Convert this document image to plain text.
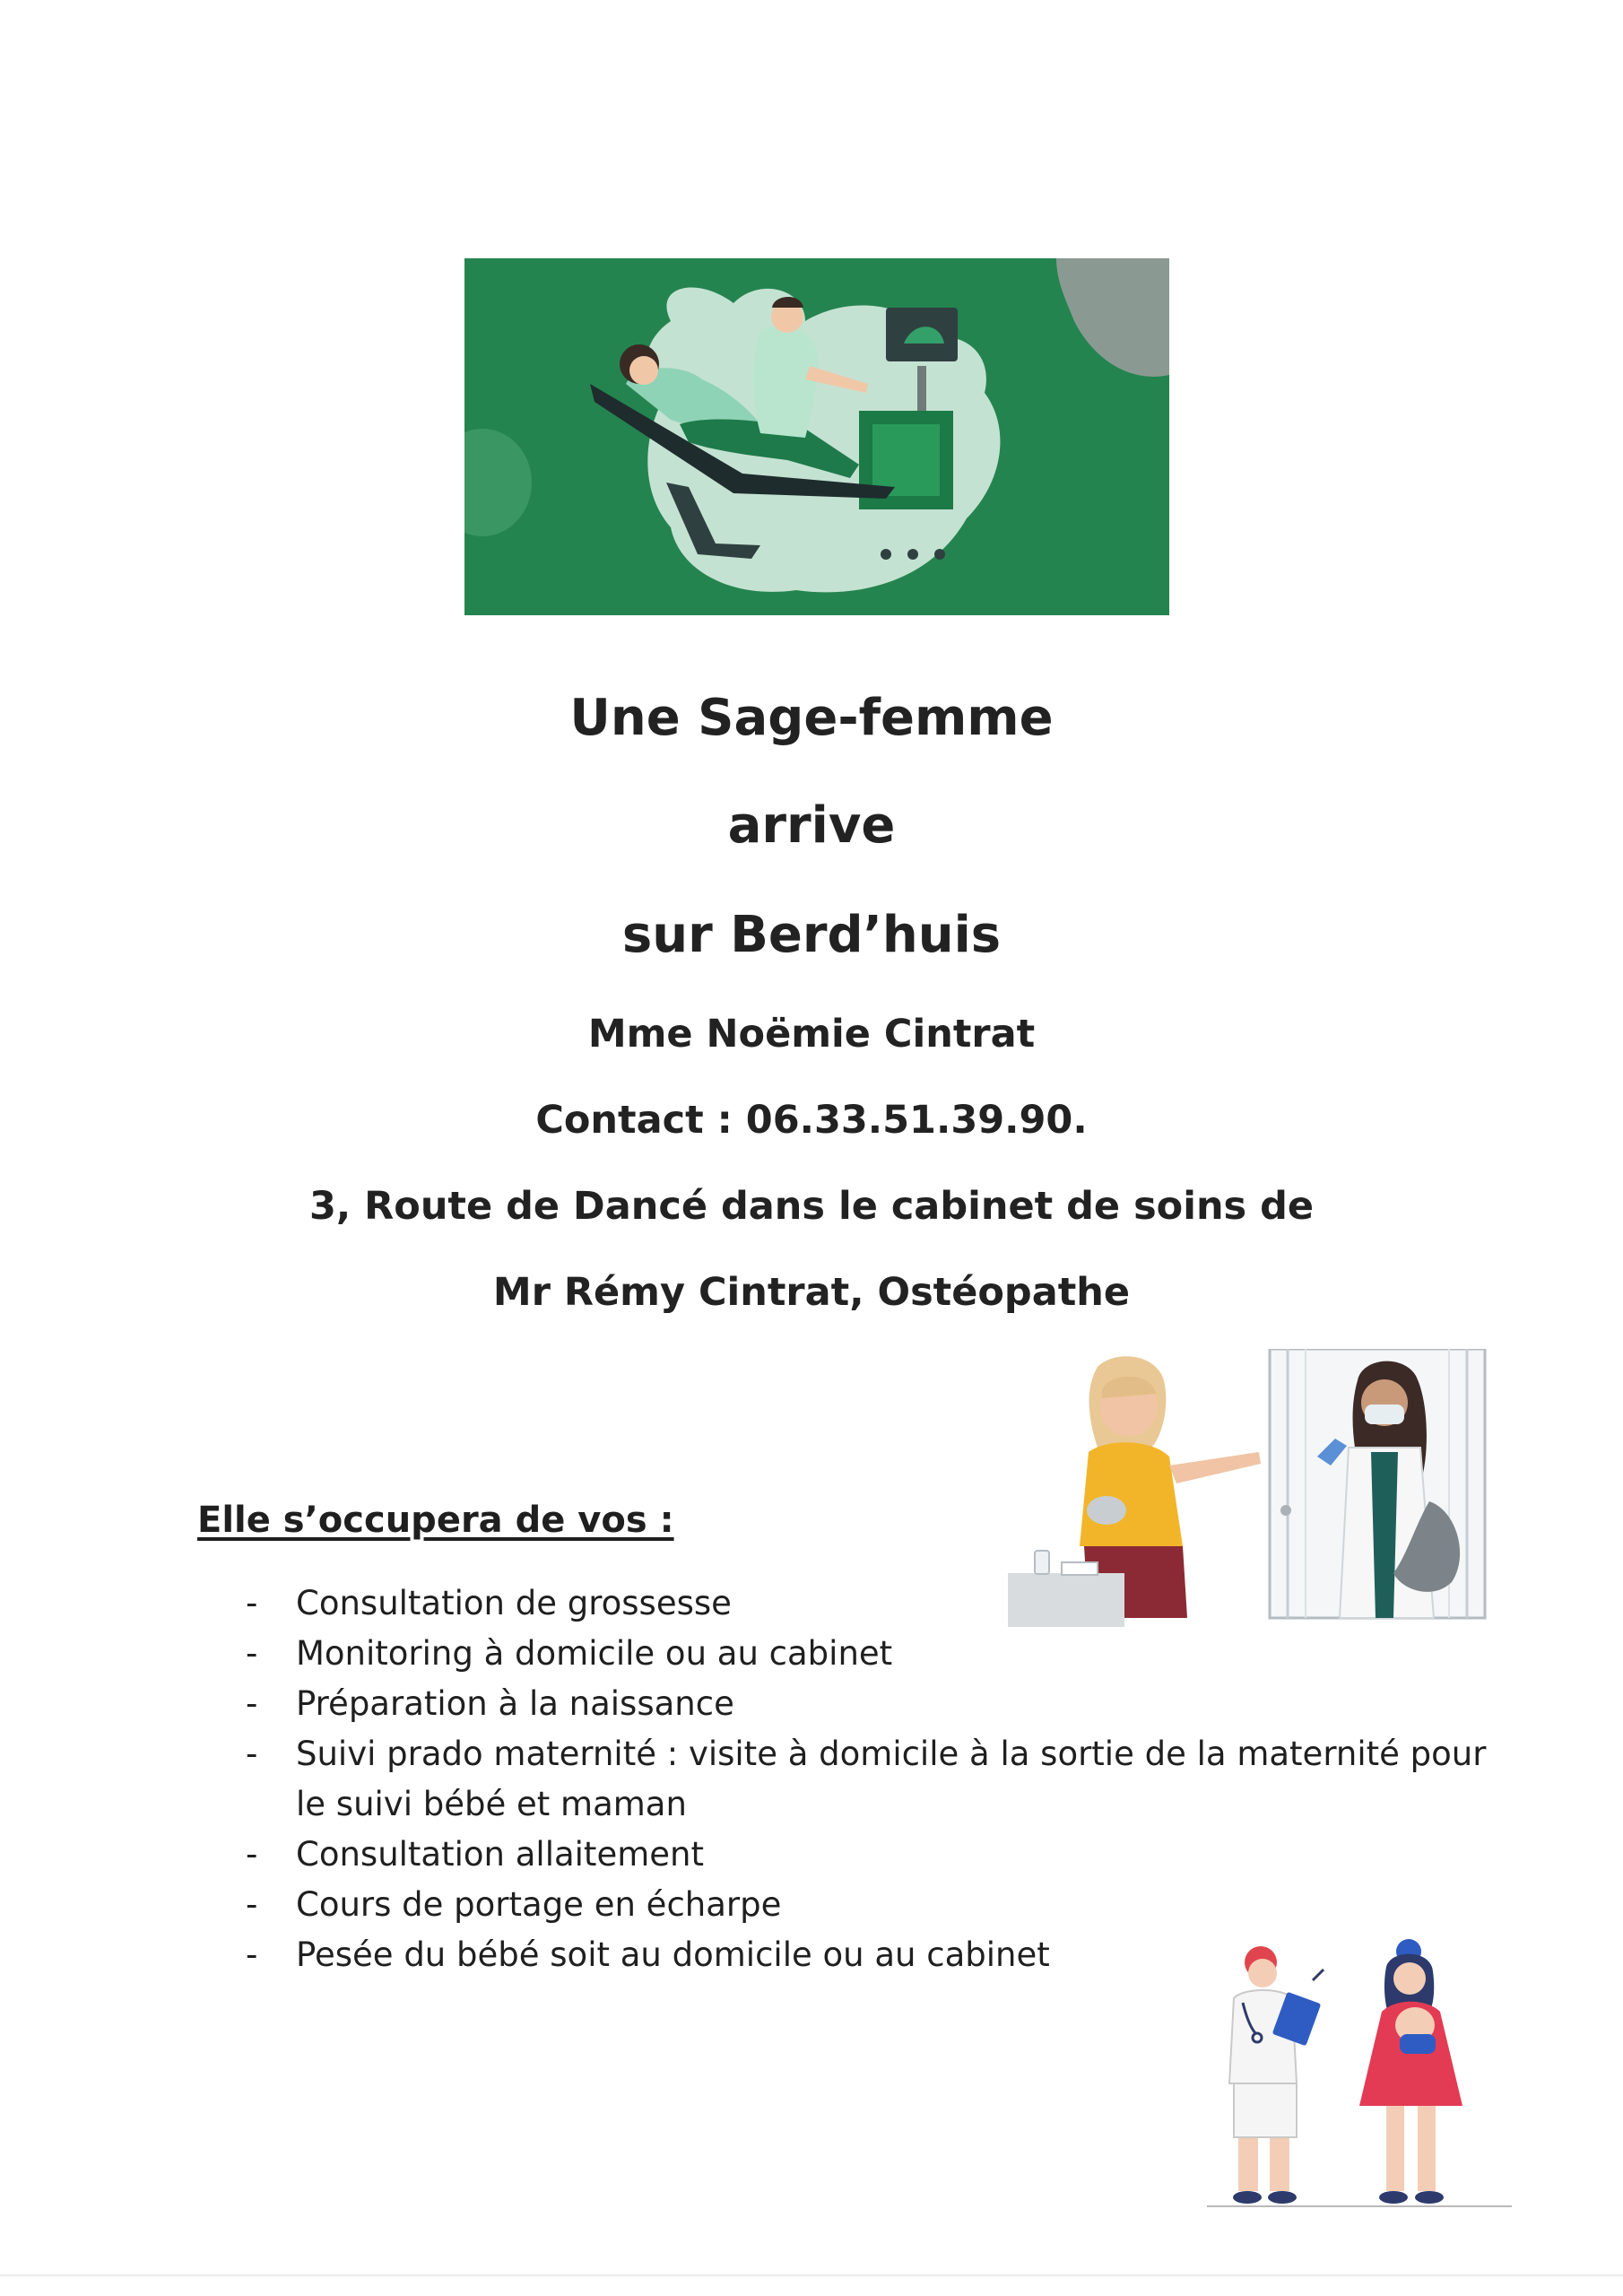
Une Sage-femme
arrive
sur Berd’huis
Mme Noëmie Cintrat
Contact : 06.33.51.39.90.
3, Route de Dancé dans le cabinet de soins de
Mr Rémy Cintrat, Ostéopathe
Elle s’occupera de vos :
- Consultation de grossesse
- Monitoring à domicile ou au cabinet
- Préparation à la naissance
- Suivi prado maternité : visite à domicile à la sortie de la maternité pour le suivi bébé et maman
- Consultation allaitement
- Cours de portage en écharpe
- Pesée du bébé soit au domicile ou au cabinet
